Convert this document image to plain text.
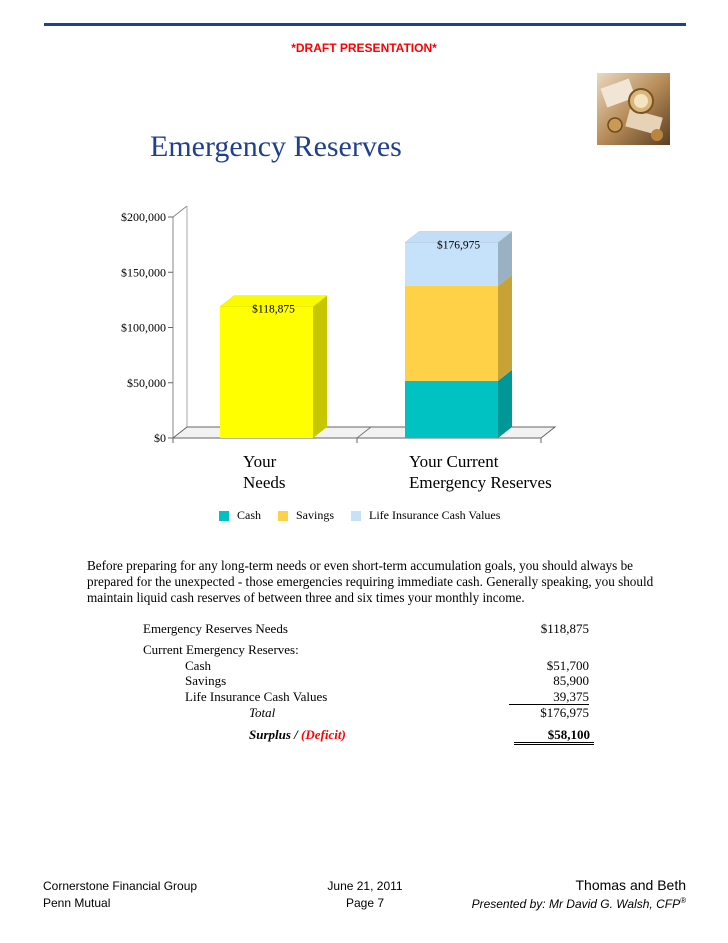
*DRAFT PRESENTATION*
Emergency Reserves
$0
$50,000
$100,000
$150,000
$200,000
$118,875
Your
Needs
$176,975
Your Current
Emergency Reserves
Cash	Savings	Life Insurance Cash Values

Before preparing for any long-term needs or even short-term accumulation goals, you should always be prepared for the unexpected - those emergencies requiring immediate cash. Generally speaking, you should maintain liquid cash reserves of between three and six times your monthly income.

Emergency Reserves Needs	$118,875
Current Emergency Reserves:
Cash	$51,700
Savings	85,900
Life Insurance Cash Values	39,375
Total	$176,975
Surplus / (Deficit)	$58,100
Cornerstone Financial Group
Penn Mutual
June 21, 2011
Page 7
Thomas and Beth
Presented by: Mr David G. Walsh, CFP®
